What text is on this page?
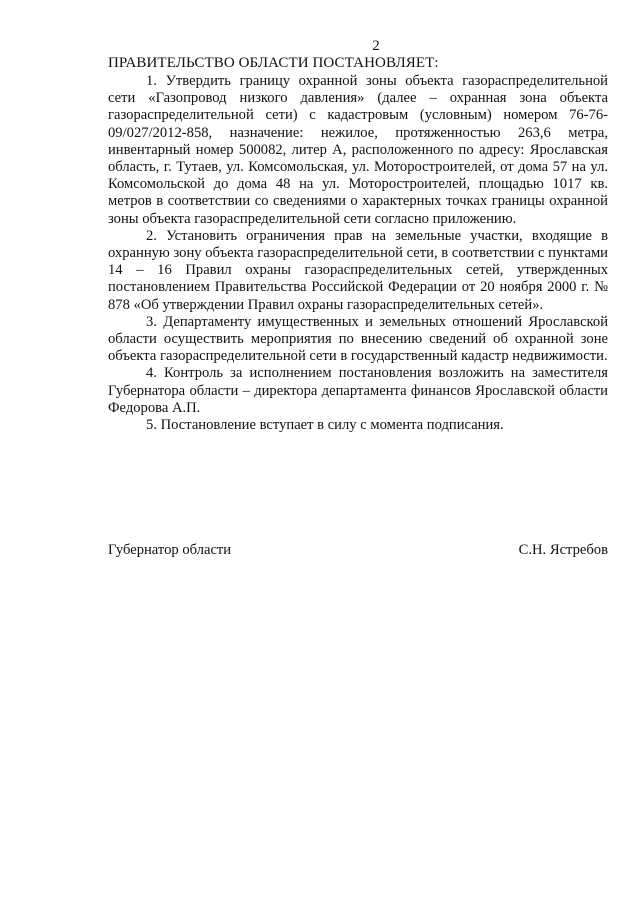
2
ПРАВИТЕЛЬСТВО ОБЛАСТИ ПОСТАНОВЛЯЕТ:

1. Утвердить границу охранной зоны объекта газораспределительной сети «Газопровод низкого давления» (далее – охранная зона объекта газораспределительной сети) с кадастровым (условным) номером 76-76-09/027/2012-858, назначение: нежилое, протяженностью 263,6 метра, инвентарный номер 500082, литер А, расположенного по адресу: Ярославская область, г. Тутаев, ул. Комсомольская, ул. Моторостроителей, от дома 57 на ул. Комсомольской до дома 48 на ул. Моторостроителей, площадью 1017 кв. метров в соответствии со сведениями о характерных точках границы охранной зоны объекта газораспределительной сети согласно приложению.

2. Установить ограничения прав на земельные участки, входящие в охранную зону объекта газораспределительной сети, в соответствии с пунктами 14 – 16 Правил охраны газораспределительных сетей, утвержденных постановлением Правительства Российской Федерации от 20 ноября 2000 г. № 878 «Об утверждении Правил охраны газораспределительных сетей».

3. Департаменту имущественных и земельных отношений Ярославской области осуществить мероприятия по внесению сведений об охранной зоне объекта газораспределительной сети в государственный кадастр недвижимости.

4. Контроль за исполнением постановления возложить на заместителя Губернатора области – директора департамента финансов Ярославской области Федорова А.П.

5. Постановление вступает в силу с момента подписания.

Губернатор области	С.Н. Ястребов
